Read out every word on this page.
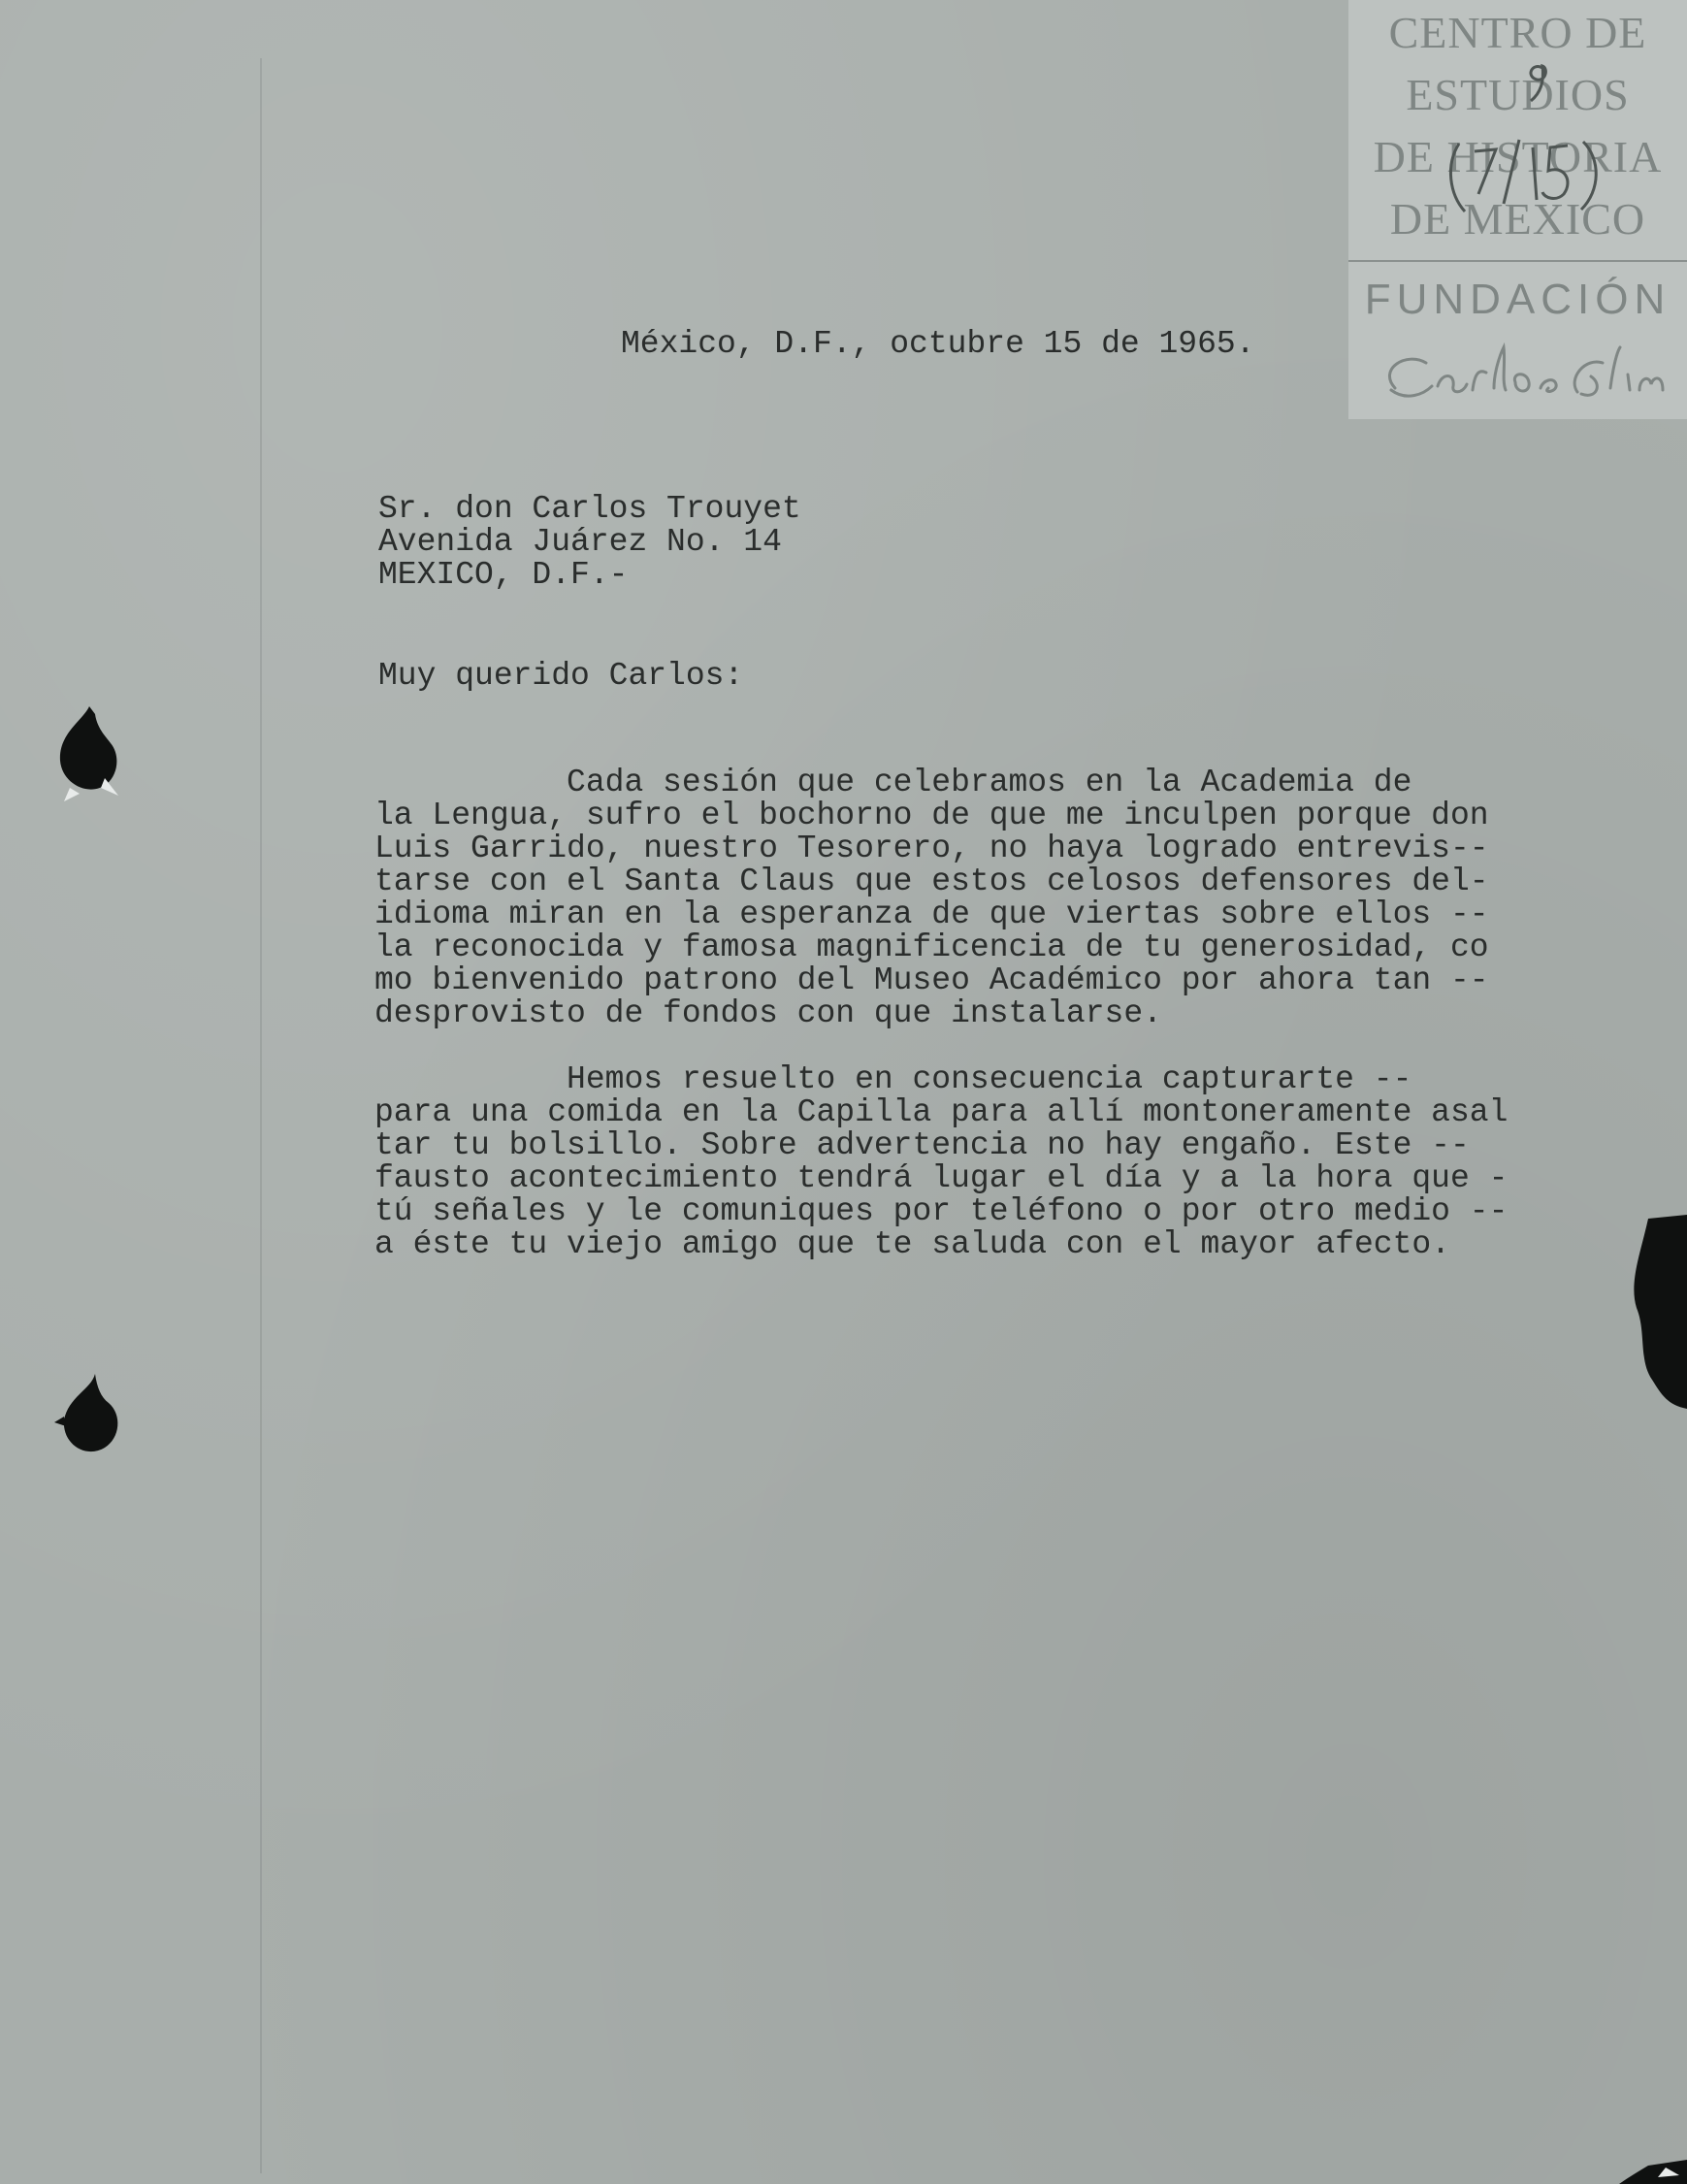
CENTRO DE
ESTUDIOS
DE HISTORIA
DE MEXICO
FUNDACIÓN
México, D.F., octubre 15 de 1965.
Sr. don Carlos Trouyet
Avenida Juárez No. 14
MEXICO, D.F.-
Muy querido Carlos:
Cada sesión que celebramos en la Academia de
la Lengua, sufro el bochorno de que me inculpen porque don
Luis Garrido, nuestro Tesorero, no haya logrado entrevis--
tarse con el Santa Claus que estos celosos defensores del-
idioma miran en la esperanza de que viertas sobre ellos --
la reconocida y famosa magnificencia de tu generosidad, co
mo bienvenido patrono del Museo Académico por ahora tan --
desprovisto de fondos con que instalarse.
Hemos resuelto en consecuencia capturarte --
para una comida en la Capilla para allí montoneramente asal
tar tu bolsillo. Sobre advertencia no hay engaño. Este --
fausto acontecimiento tendrá lugar el día y a la hora que -
tú señales y le comuniques por teléfono o por otro medio --
a éste tu viejo amigo que te saluda con el mayor afecto.
